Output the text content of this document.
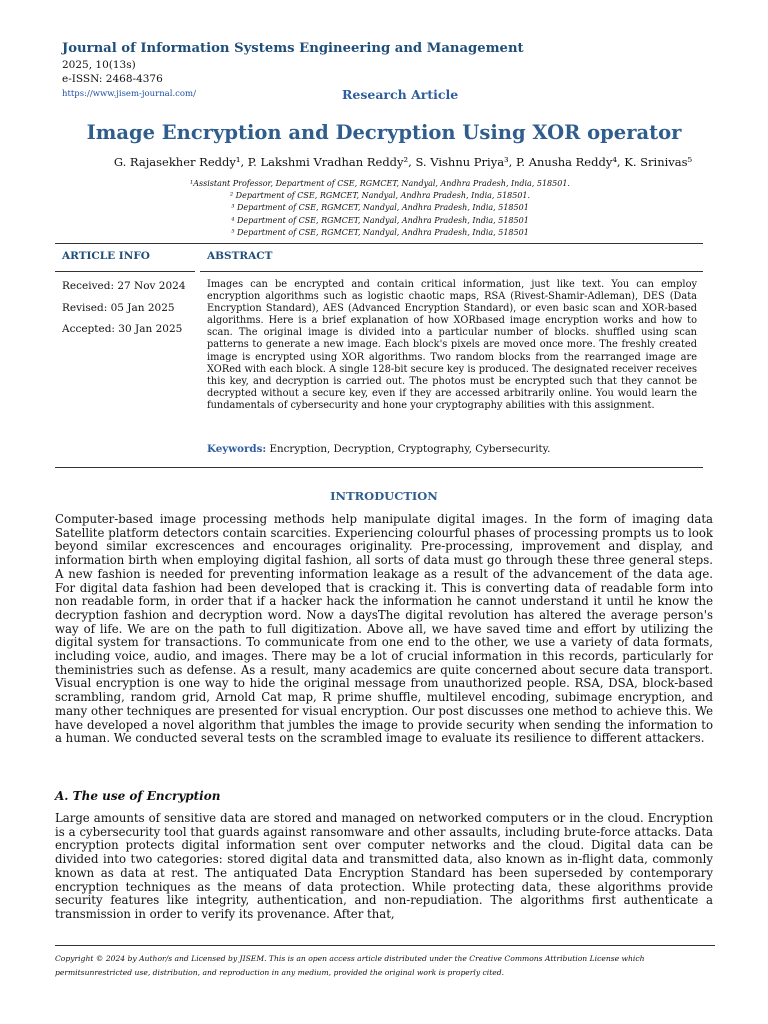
Journal of Information Systems Engineering and Management
2025, 10(13s)
e-ISSN: 2468-4376
https://www.jisem-journal.com/	Research Article
Image Encryption and Decryption Using XOR operator
G. Rajasekher Reddy¹, P. Lakshmi Vradhan Reddy², S. Vishnu Priya³, P. Anusha Reddy⁴, K. Srinivas⁵
¹Assistant Professor, Department of CSE, RGMCET, Nandyal, Andhra Pradesh, India, 518501.
² Department of CSE, RGMCET, Nandyal, Andhra Pradesh, India, 518501.
³ Department of CSE, RGMCET, Nandyal, Andhra Pradesh, India, 518501
⁴ Department of CSE, RGMCET, Nandyal, Andhra Pradesh, India, 518501
⁵ Department of CSE, RGMCET, Nandyal, Andhra Pradesh, India, 518501
ARTICLE INFO	ABSTRACT
Received: 27 Nov 2024
Revised: 05 Jan 2025
Accepted: 30 Jan 2025
Images can be encrypted and contain critical information, just like text. You can employ encryption algorithms such as logistic chaotic maps, RSA (Rivest-Shamir-Adleman), DES (Data Encryption Standard), AES (Advanced Encryption Standard), or even basic scan and XOR-based algorithms. Here is a brief explanation of how XORbased image encryption works and how to scan. The original image is divided into a particular number of blocks. shuffled using scan patterns to generate a new image. Each block's pixels are moved once more. The freshly created image is encrypted using XOR algorithms. Two random blocks from the rearranged image are XORed with each block. A single 128-bit secure key is produced. The designated receiver receives this key, and decryption is carried out. The photos must be encrypted such that they cannot be decrypted without a secure key, even if they are accessed arbitrarily online. You would learn the fundamentals of cybersecurity and hone your cryptography abilities with this assignment.
Keywords: Encryption, Decryption, Cryptography, Cybersecurity.
INTRODUCTION
Computer-based image processing methods help manipulate digital images. In the form of imaging data Satellite platform detectors contain scarcities. Experiencing colourful phases of processing prompts us to look beyond similar excrescences and encourages originality. Pre-processing, improvement and display, and information birth when employing digital fashion, all sorts of data must go through these three general steps. A new fashion is needed for preventing information leakage as a result of the advancement of the data age. For digital data fashion had been developed that is cracking it. This is converting data of readable form into non readable form, in order that if a hacker hack the information he cannot understand it until he know the decryption fashion and decryption word. Now a daysThe digital revolution has altered the average person's way of life. We are on the path to full digitization. Above all, we have saved time and effort by utilizing the digital system for transactions. To communicate from one end to the other, we use a variety of data formats, including voice, audio, and images. There may be a lot of crucial information in this records, particularly for theministries such as defense. As a result, many academics are quite concerned about secure data transport. Visual encryption is one way to hide the original message from unauthorized people. RSA, DSA, block-based scrambling, random grid, Arnold Cat map, R prime shuffle, multilevel encoding, subimage encryption, and many other techniques are presented for visual encryption. Our post discusses one method to achieve this. We have developed a novel algorithm that jumbles the image to provide security when sending the information to a human. We conducted several tests on the scrambled image to evaluate its resilience to different attackers.
A. The use of Encryption
Large amounts of sensitive data are stored and managed on networked computers or in the cloud. Encryption is a cybersecurity tool that guards against ransomware and other assaults, including brute-force attacks. Data encryption protects digital information sent over computer networks and the cloud. Digital data can be divided into two categories: stored digital data and transmitted data, also known as in-flight data, commonly known as data at rest. The antiquated Data Encryption Standard has been superseded by contemporary encryption techniques as the means of data protection. While protecting data, these algorithms provide security features like integrity, authentication, and non-repudiation. The algorithms first authenticate a transmission in order to verify its provenance. After that,
Copyright © 2024 by Author/s and Licensed by JISEM. This is an open access article distributed under the Creative Commons Attribution License which permitsunrestricted use, distribution, and reproduction in any medium, provided the original work is properly cited.
